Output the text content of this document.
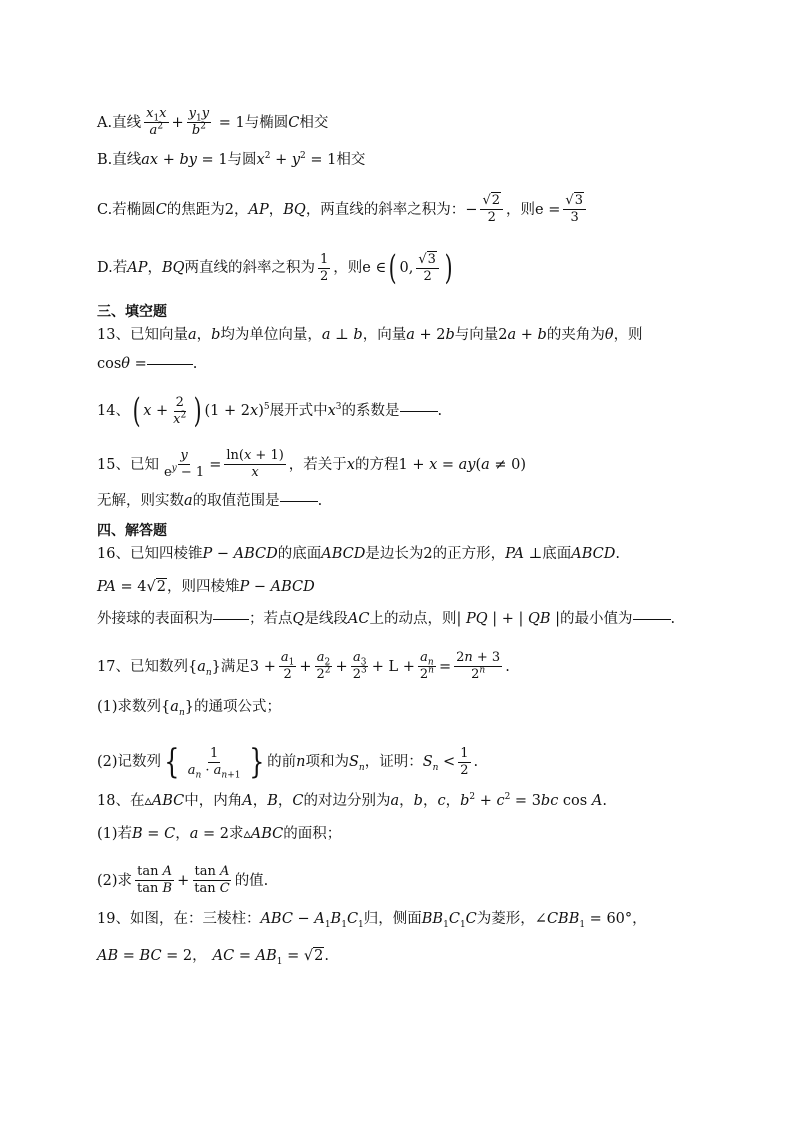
A.直线 $\frac{x_1x}{a^2} + \frac{y_1y}{b^2} = 1$ 与椭圆 C 相交
B.直线 ax + by = 1 与圆 $x^2 + y^2 = 1$ 相交
C.若椭圆 C 的焦距为2， AP ， BQ ，两直线的斜率之积为： − $\frac{√2}{2}$ ，则 $e = \frac{√3}{3}$
D.若 AP ， BQ 两直线的斜率之积为 $\frac{1}{2}$ ，则 e ∈ ( 0, $\frac{√3}{2}$ )
三、填空题
13、已知向量 a ， b 均为单位向量， a ⊥ b ，向量 a + 2b 与向量 2a + b 的夹角为 θ ，则
cosθ =	.
14、 ( $x + \frac{2}{x^2}$ ) $(1 + 2x)^5$ 展开式中 $x^3$ 的系数是	.
15、已知 $\frac{y}{e^y - 1} = \frac{\ln(x + 1)}{x}$ ，若关于 x 的方程 1 + x = ay(a ≠ 0)
无解，则实数 a 的取值范围是	.
四、解答题
16、已知四棱锥 P − ABCD 的底面 ABCD 是边长为2的正方形， PA ⊥ 底面 ABCD .
PA = 4√2 ，则四棱雉 P − ABCD
外接球的表面积为 ；若点 Q 是线段 AC 上的动点，则 | PQ | + | QB | 的最小值为	.
17、已知数列 $\{a_n\}$ 满足 $3 + \frac{a_1}{2} + \frac{a_2}{2^2} + \frac{a_3}{2^3} + L + \frac{a_n}{2^n} = \frac{2n + 3}{2^n}$ .
(1)求数列 $\{a_n\}$ 的通项公式；
(2)记数列 { $\frac{1}{a_n \cdot a_{n+1}}$ } 的前 n 项和为 $S_n$ ，证明： $S_n < \frac{1}{2}$ .
18、在 ▵ABC 中，内角 A ， B ， C 的对边分别为 a ， b ， c ， $b^2 + c^2 = 3bc$ cos A .
(1)若 B = C ， a = 2 求 ▵ABC 的面积；
(2)求 $\frac{\text{tan A}}{\text{tan B}} + \frac{\text{tan A}}{\text{tan C}}$ 的值.
19、如图，在：三棱柱： ABC − $A_1B_1C_1$ 归，侧面 $BB_1C_1C$ 为菱形， $\angle CBB_1 = 60^\circ$，
AB = BC = 2， AC = $AB_1 = √2$ .
